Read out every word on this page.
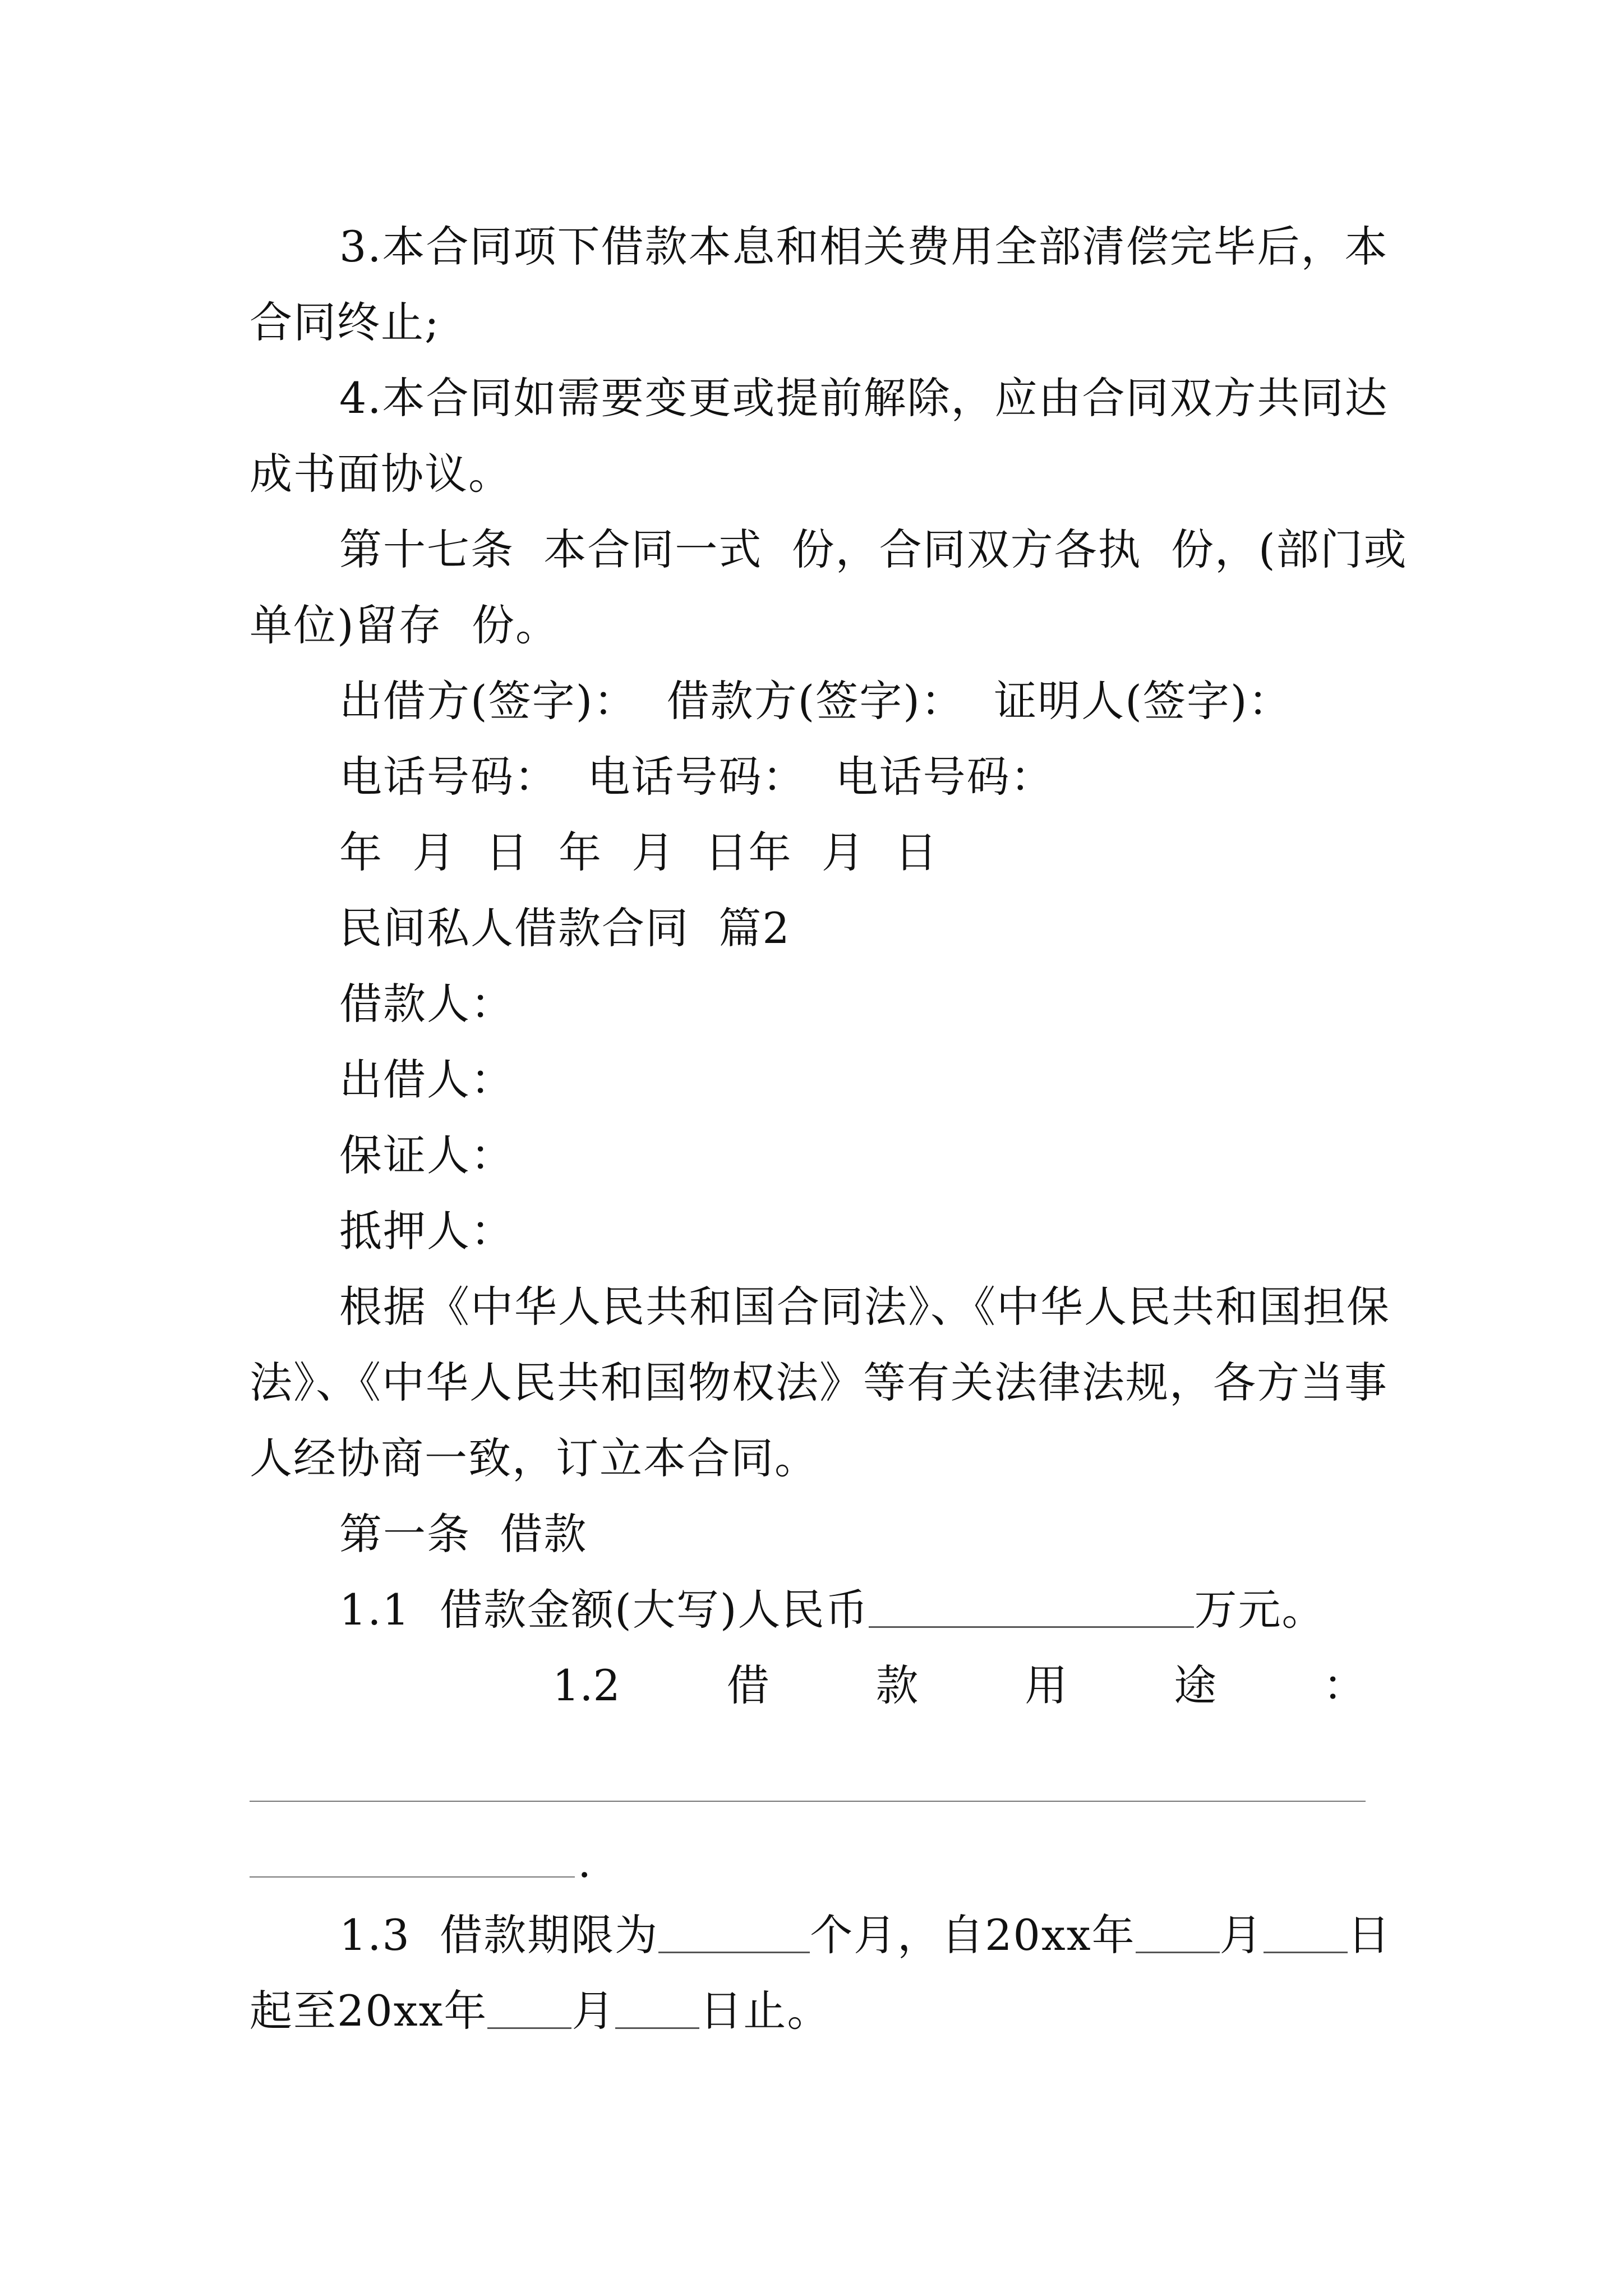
3.本合同项下借款本息和相关费用全部清偿完毕后，本
合同终止;
4.本合同如需要变更或提前解除，应由合同双方共同达
成书面协议。
第十七条  本合同一式  份，合同双方各执  份，(部门或
单位)留存  份。
出借方(签字)：  借款方(签字)：  证明人(签字)：
电话号码：  电话号码：  电话号码：
年  月  日  年  月  日年  月  日
民间私人借款合同  篇2
借款人：
出借人：
保证人：
抵押人：
根据《中华人民共和国合同法》、《中华人民共和国担保
法》、《中华人民共和国物权法》等有关法律法规，各方当事
人经协商一致，订立本合同。
第一条  借款
1.1  借款金额(大写)人民币	万元。
1.2 借 款 用 途 ：
.
1.3  借款期限为	个月，自20xx年 月 日
起至20xx年 月 日止。
